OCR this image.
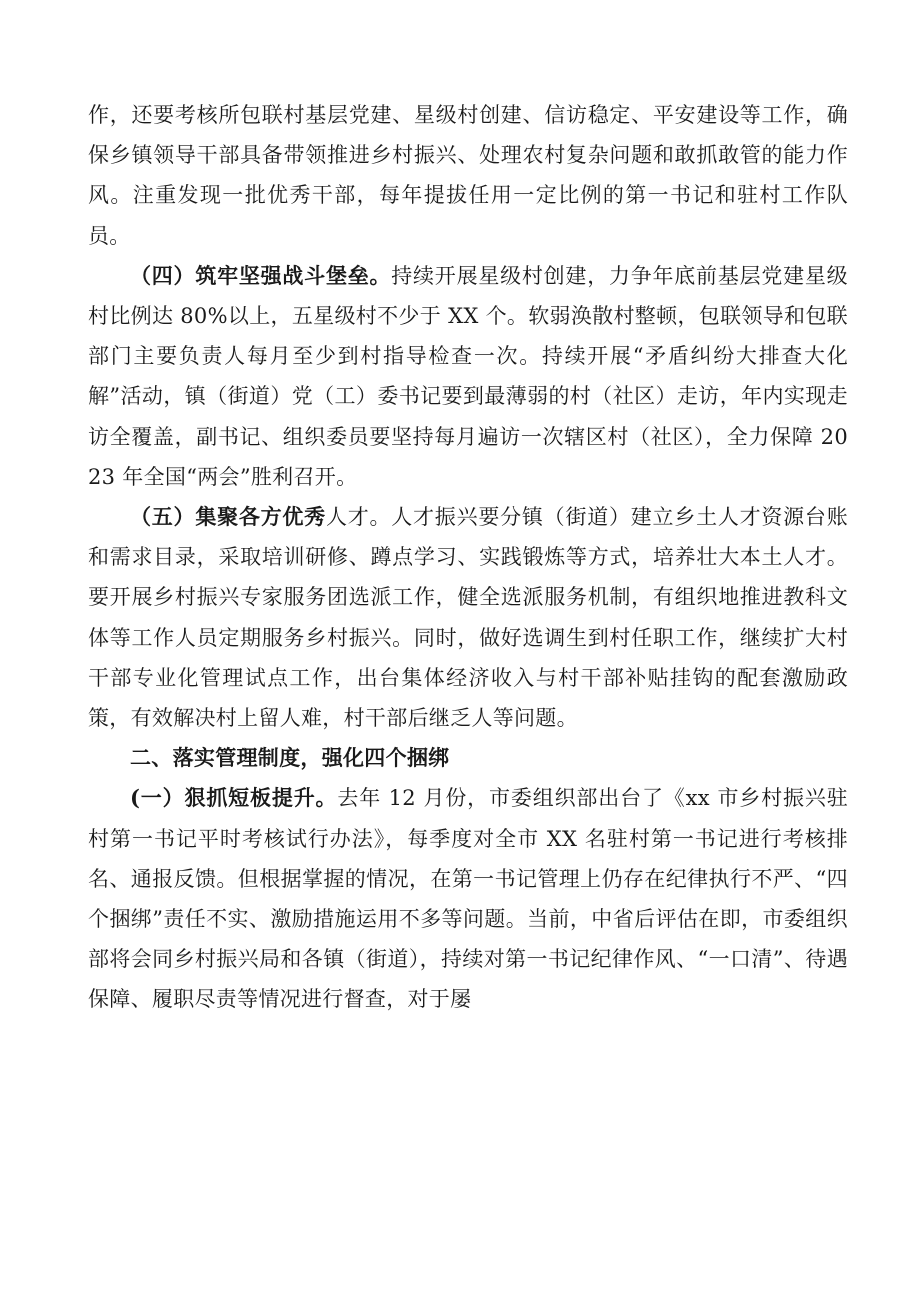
作，还要考核所包联村基层党建、星级村创建、信访稳定、平安建设等工作，确保乡镇领导干部具备带领推进乡村振兴、处理农村复杂问题和敢抓敢管的能力作风。注重发现一批优秀干部，每年提拔任用一定比例的第一书记和驻村工作队员。

（四）筑牢坚强战斗堡垒。持续开展星级村创建，力争年底前基层党建星级村比例达 80%以上，五星级村不少于 XX 个。软弱涣散村整顿，包联领导和包联部门主要负责人每月至少到村指导检查一次。持续开展“矛盾纠纷大排查大化解”活动，镇（街道）党（工）委书记要到最薄弱的村（社区）走访，年内实现走访全覆盖，副书记、组织委员要坚持每月遍访一次辖区村（社区），全力保障 2023 年全国“两会”胜利召开。

（五）集聚各方优秀人才。人才振兴要分镇（街道）建立乡土人才资源台账和需求目录，采取培训研修、蹲点学习、实践锻炼等方式，培养壮大本土人才。要开展乡村振兴专家服务团选派工作，健全选派服务机制，有组织地推进教科文体等工作人员定期服务乡村振兴。同时，做好选调生到村任职工作，继续扩大村干部专业化管理试点工作，出台集体经济收入与村干部补贴挂钩的配套激励政策，有效解决村上留人难，村干部后继乏人等问题。

二、落实管理制度，强化四个捆绑

(一）狠抓短板提升。去年 12 月份，市委组织部出台了《xx 市乡村振兴驻村第一书记平时考核试行办法》，每季度对全市 XX 名驻村第一书记进行考核排名、通报反馈。但根据掌握的情况，在第一书记管理上仍存在纪律执行不严、“四个捆绑”责任不实、激励措施运用不多等问题。当前，中省后评估在即，市委组织部将会同乡村振兴局和各镇（街道），持续对第一书记纪律作风、“一口清”、待遇保障、履职尽责等情况进行督查，对于屡
